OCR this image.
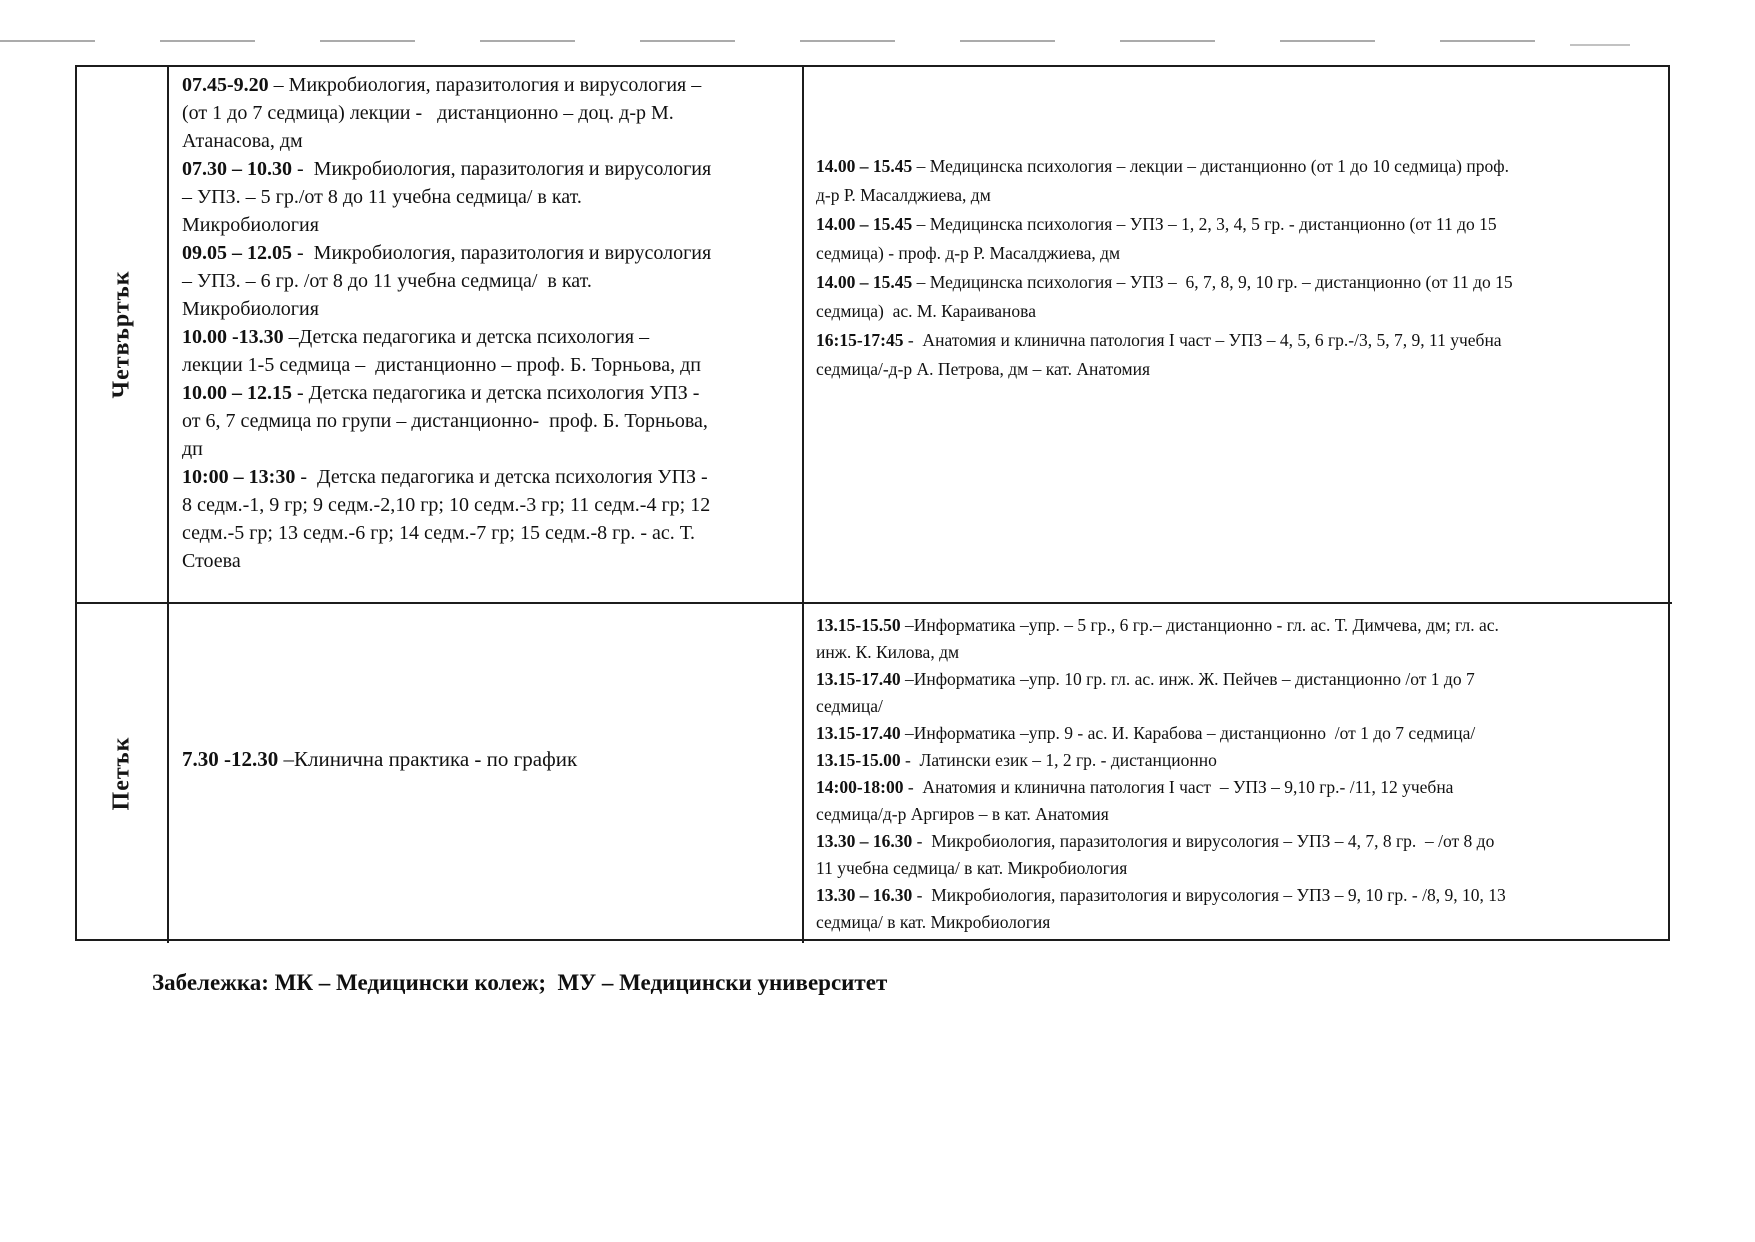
Четвъртък

07.45-9.20 – Микробиология, паразитология и вирусология – (от 1 до 7 седмица) лекции -   дистанционно – доц. д-р М. Атанасова, дм

07.30 – 10.30 -  Микробиология, паразитология и вирусология – УПЗ. – 5 гр./от 8 до 11 учебна седмица/ в кат. Микробиология

09.05 – 12.05 -  Микробиология, паразитология и вирусология – УПЗ. – 6 гр. /от 8 до 11 учебна седмица/  в кат. Микробиология

10.00 -13.30 –Детска педагогика и детска психология – лекции 1-5 седмица –  дистанционно – проф. Б. Торньова, дп

10.00 – 12.15 - Детска педагогика и детска психология УПЗ - от 6, 7 седмица по групи – дистанционно-  проф. Б. Торньова, дп

10:00 – 13:30 -  Детска педагогика и детска психология УПЗ - 8 седм.-1, 9 гр; 9 седм.-2,10 гр; 10 седм.-3 гр; 11 седм.-4 гр; 12 седм.-5 гр; 13 седм.-6 гр; 14 седм.-7 гр; 15 седм.-8 гр. - ас. Т. Стоева

14.00 – 15.45 – Медицинска психология – лекции – дистанционно (от 1 до 10 седмица) проф. д-р Р. Масалджиева, дм

14.00 – 15.45 – Медицинска психология – УПЗ – 1, 2, 3, 4, 5 гр. - дистанционно (от 11 до 15 седмица) - проф. д-р Р. Масалджиева, дм

14.00 – 15.45 – Медицинска психология – УПЗ –  6, 7, 8, 9, 10 гр. – дистанционно (от 11 до 15 седмица)  ас. М. Караиванова

16:15-17:45 -  Анатомия и клинична патология I част – УПЗ – 4, 5, 6 гр.-/3, 5, 7, 9, 11 учебна седмица/-д-р А. Петрова, дм – кат. Анатомия

Петък 7.30 -12.30 –Клинична практика - по график

13.15-15.50 –Информатика –упр. – 5 гр., 6 гр.– дистанционно - гл. ас. Т. Димчева, дм; гл. ас. инж. К. Килова, дм

13.15-17.40 –Информатика –упр. 10 гр. гл. ас. инж. Ж. Пейчев – дистанционно /от 1 до 7 седмица/

13.15-17.40 –Информатика –упр. 9 - ас. И. Карабова – дистанционно  /от 1 до 7 седмица/

13.15-15.00 -  Латински език – 1, 2 гр. - дистанционно

14:00-18:00 -  Анатомия и клинична патология I част  – УПЗ – 9,10 гр.- /11, 12 учебна седмица/д-р Аргиров – в кат. Анатомия

13.30 – 16.30 -  Микробиология, паразитология и вирусология – УПЗ – 4, 7, 8 гр.  – /от 8 до 11 учебна седмица/ в кат. Микробиология

13.30 – 16.30 -  Микробиология, паразитология и вирусология – УПЗ – 9, 10 гр. - /8, 9, 10, 13 седмица/ в кат. Микробиология

Забележка: МК – Медицински колеж;  МУ – Медицински университет
